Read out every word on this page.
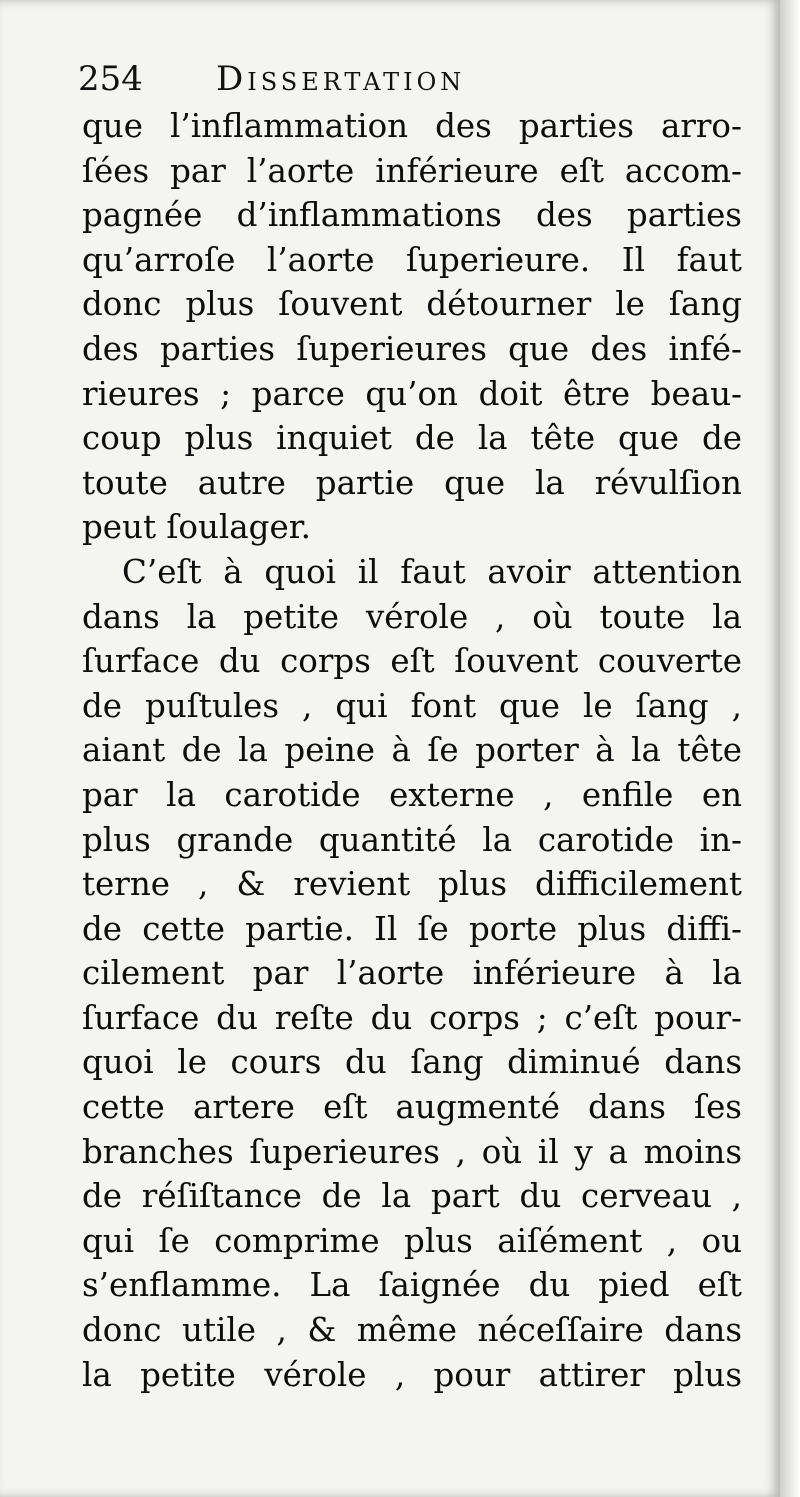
254 Dissertation
que l’inflammation des parties arro-
ſées par l’aorte inférieure eſt accom-
pagnée d’inflammations des parties
qu’arroſe l’aorte ſuperieure. Il faut
donc plus ſouvent détourner le ſang
des parties ſuperieures que des infé-
rieures ; parce qu’on doit être beau-
coup plus inquiet de la tête que de
toute autre partie que la révulſion
peut ſoulager.
C’eſt à quoi il faut avoir attention
dans la petite vérole , où toute la
ſurface du corps eſt ſouvent couverte
de puſtules , qui font que le ſang ,
aiant de la peine à ſe porter à la tête
par la carotide externe , enfile en
plus grande quantité la carotide in-
terne , & revient plus difficilement
de cette partie. Il ſe porte plus diffi-
cilement par l’aorte inférieure à la
ſurface du reſte du corps ; c’eſt pour-
quoi le cours du ſang diminué dans
cette artere eſt augmenté dans ſes
branches ſuperieures , où il y a moins
de réſiſtance de la part du cerveau ,
qui ſe comprime plus aiſément , ou
s’enflamme. La ſaignée du pied eſt
donc utile , & même néceſſaire dans
la petite vérole , pour attirer plus
